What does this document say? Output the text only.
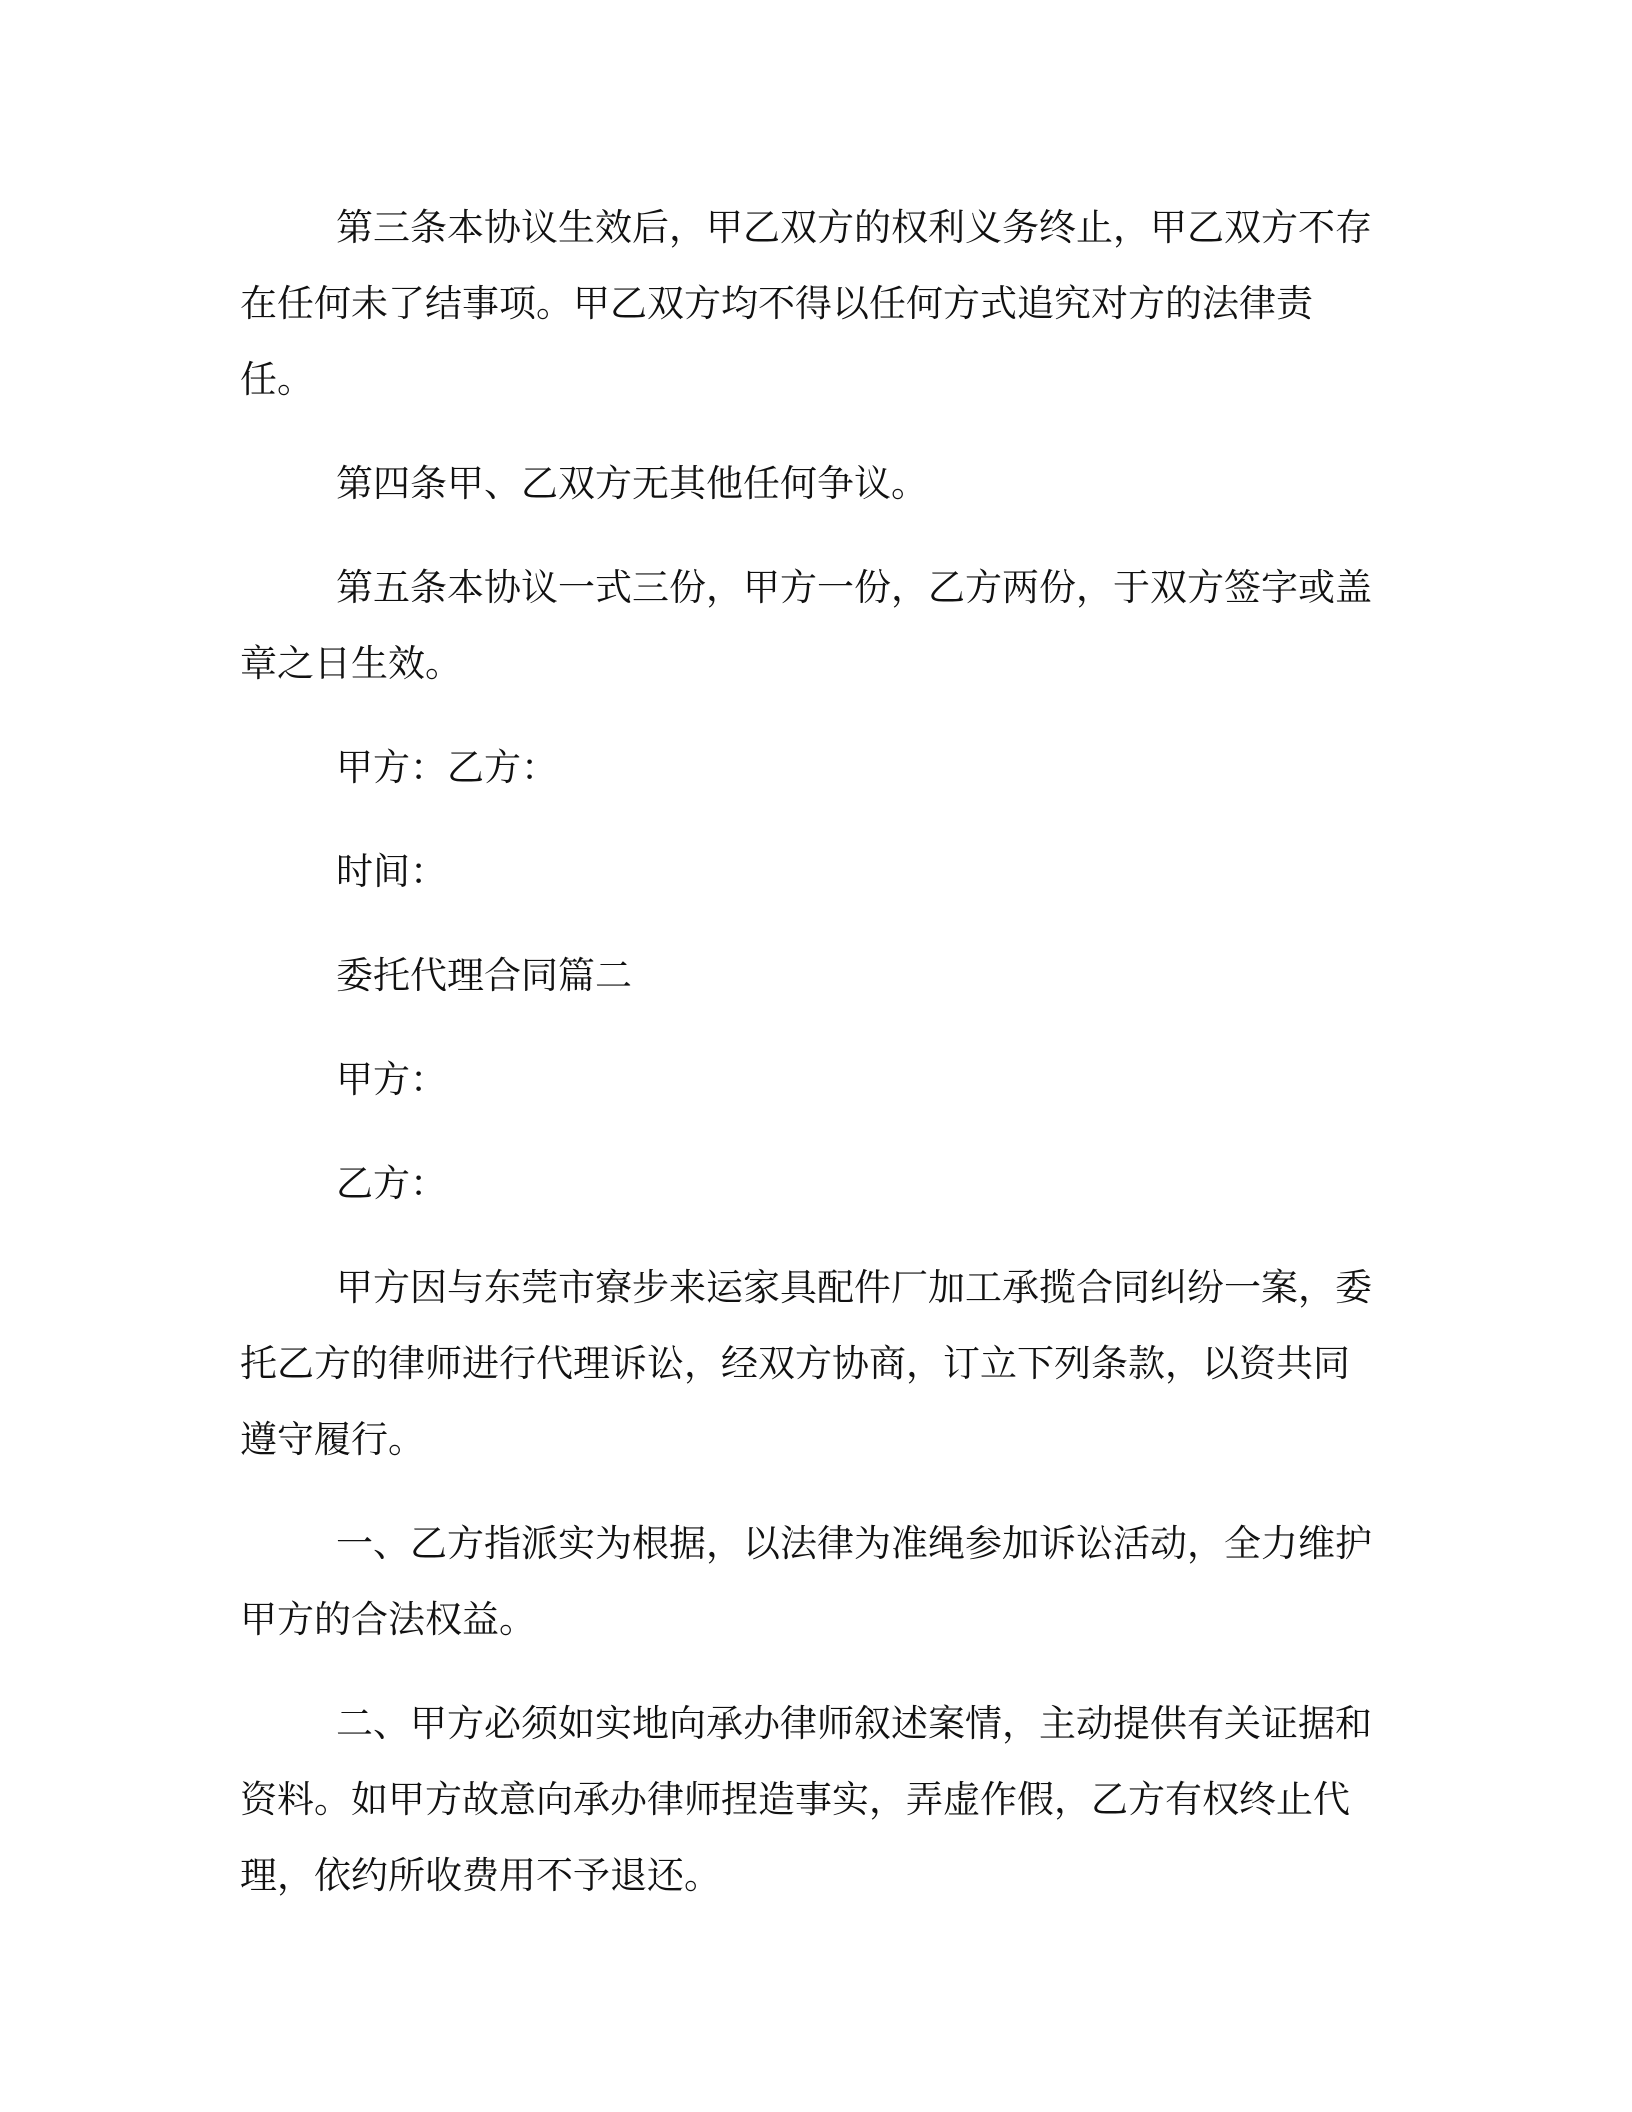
第三条本协议生效后，甲乙双方的权利义务终止，甲乙双方不存在任何未了结事项。甲乙双方均不得以任何方式追究对方的法律责任。

第四条甲、乙双方无其他任何争议。

第五条本协议一式三份，甲方一份，乙方两份，于双方签字或盖章之日生效。

甲方：乙方：

时间：

委托代理合同篇二

甲方：

乙方：

甲方因与东莞市寮步来运家具配件厂加工承揽合同纠纷一案，委托乙方的律师进行代理诉讼，经双方协商，订立下列条款，以资共同遵守履行。

一、乙方指派实为根据，以法律为准绳参加诉讼活动，全力维护甲方的合法权益。

二、甲方必须如实地向承办律师叙述案情，主动提供有关证据和资料。如甲方故意向承办律师捏造事实，弄虚作假，乙方有权终止代理，依约所收费用不予退还。
